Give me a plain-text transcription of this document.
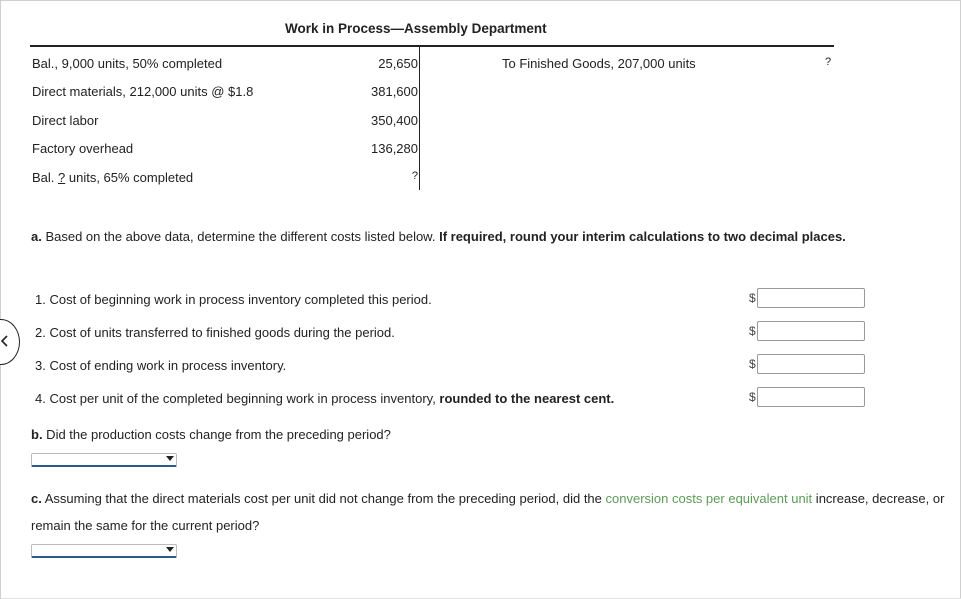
Work in Process—Assembly Department
Bal., 9,000 units, 50% completed	25,650
Direct materials, 212,000 units @ $1.8	381,600
Direct labor	350,400
Factory overhead	136,280
Bal. ? units, 65% completed	?
To Finished Goods, 207,000 units	?
a. Based on the above data, determine the different costs listed below. If required, round your interim calculations to two decimal places.
1. Cost of beginning work in process inventory completed this period.	$
2. Cost of units transferred to finished goods during the period.	$
3. Cost of ending work in process inventory.	$
4. Cost per unit of the completed beginning work in process inventory, rounded to the nearest cent.	$
b. Did the production costs change from the preceding period?
c. Assuming that the direct materials cost per unit did not change from the preceding period, did the conversion costs per equivalent unit increase, decrease, or remain the same for the current period?
